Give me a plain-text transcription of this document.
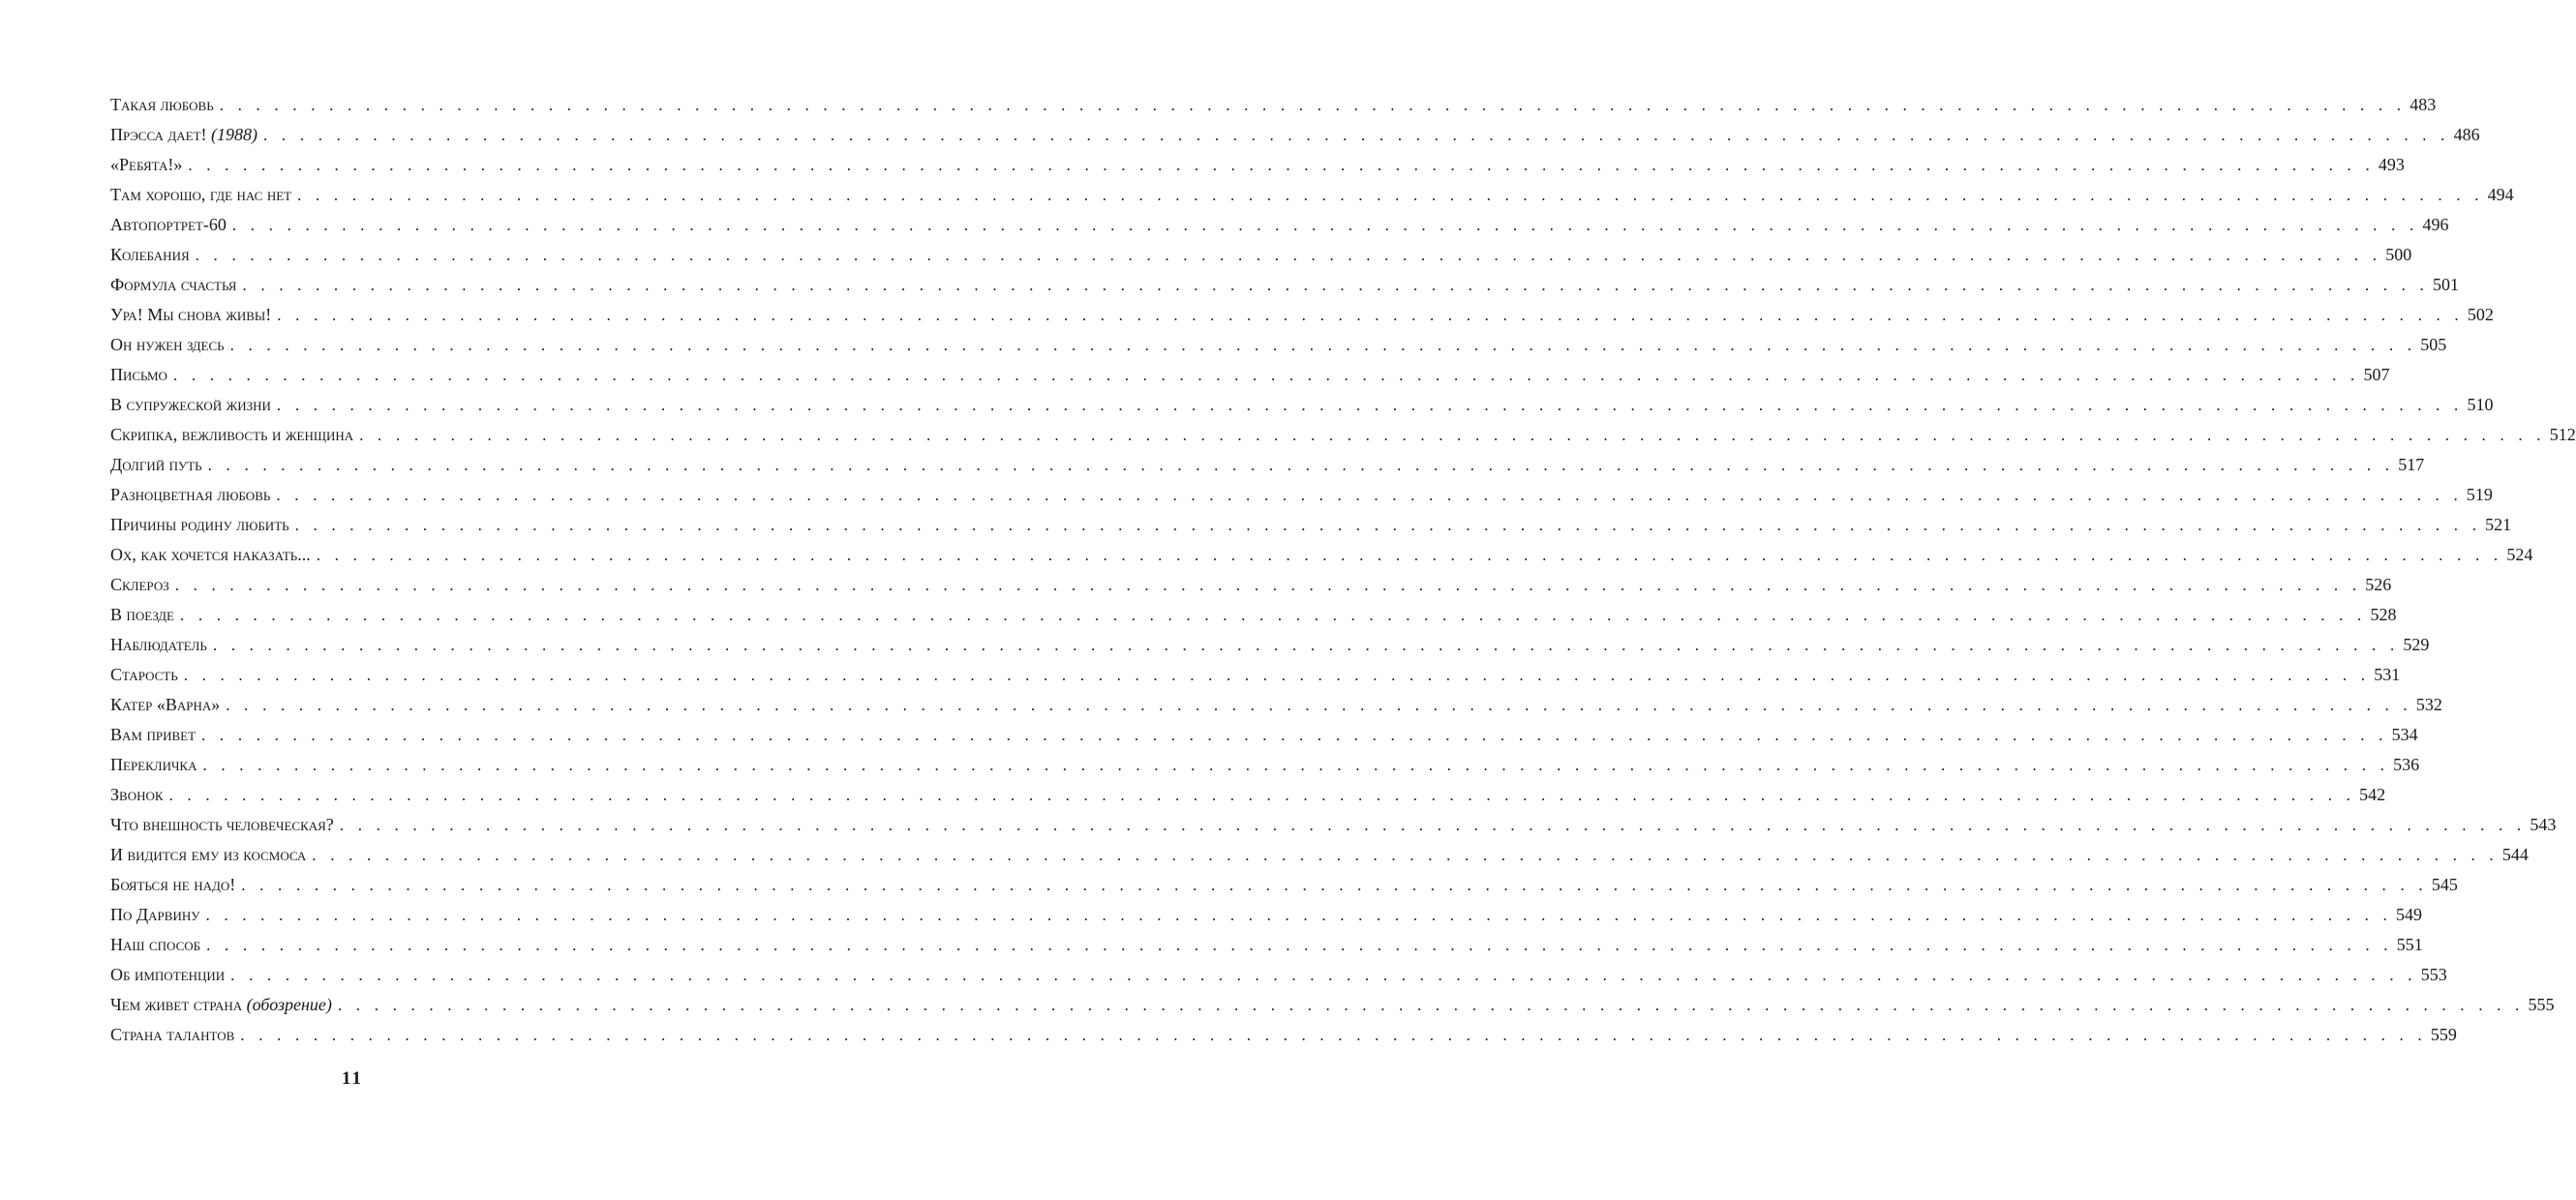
Такая любовь . . . . . . . . . . . . . . . . . . . . . . . . . . . . . . . . . . . . . . . . . . . . . . . . . . . . . . . . . . . . . . . . . . . . . . . . . . . . . . . . . . . . . . . . . . . . . . . . . . . . . . . . . . . . . . . . . . . . . . . . 483
Прэсса дает! (1988) . . . . . . . . . . . . . . . . . . . . . . . . . . . . . . . . . . . . . . . . . . . . . . . . . . . . . . . . . . . . . . . . . . . . . . . . . . . . . . . . . . . . . . . . . . . . . . . . . . . . . . . . . . . . . . . . . . . . . . . . 486
«Ребята!» . . . . . . . . . . . . . . . . . . . . . . . . . . . . . . . . . . . . . . . . . . . . . . . . . . . . . . . . . . . . . . . . . . . . . . . . . . . . . . . . . . . . . . . . . . . . . . . . . . . . . . . . . . . . . . . . . . . . . . . . 493
Там хорошо, где нас нет . . . . . . . . . . . . . . . . . . . . . . . . . . . . . . . . . . . . . . . . . . . . . . . . . . . . . . . . . . . . . . . . . . . . . . . . . . . . . . . . . . . . . . . . . . . . . . . . . . . . . . . . . . . . . . . . . . . . . . . . 494
Автопортрет-60 . . . . . . . . . . . . . . . . . . . . . . . . . . . . . . . . . . . . . . . . . . . . . . . . . . . . . . . . . . . . . . . . . . . . . . . . . . . . . . . . . . . . . . . . . . . . . . . . . . . . . . . . . . . . . . . . . . . . . . . . 496
Колебания . . . . . . . . . . . . . . . . . . . . . . . . . . . . . . . . . . . . . . . . . . . . . . . . . . . . . . . . . . . . . . . . . . . . . . . . . . . . . . . . . . . . . . . . . . . . . . . . . . . . . . . . . . . . . . . . . . . . . . . . 500
Формула счастья . . . . . . . . . . . . . . . . . . . . . . . . . . . . . . . . . . . . . . . . . . . . . . . . . . . . . . . . . . . . . . . . . . . . . . . . . . . . . . . . . . . . . . . . . . . . . . . . . . . . . . . . . . . . . . . . . . . . . . . . 501
Ура! Мы снова живы! . . . . . . . . . . . . . . . . . . . . . . . . . . . . . . . . . . . . . . . . . . . . . . . . . . . . . . . . . . . . . . . . . . . . . . . . . . . . . . . . . . . . . . . . . . . . . . . . . . . . . . . . . . . . . . . . . . . . . . . . 502
Он нужен здесь . . . . . . . . . . . . . . . . . . . . . . . . . . . . . . . . . . . . . . . . . . . . . . . . . . . . . . . . . . . . . . . . . . . . . . . . . . . . . . . . . . . . . . . . . . . . . . . . . . . . . . . . . . . . . . . . . . . . . . . . 505
Письмо . . . . . . . . . . . . . . . . . . . . . . . . . . . . . . . . . . . . . . . . . . . . . . . . . . . . . . . . . . . . . . . . . . . . . . . . . . . . . . . . . . . . . . . . . . . . . . . . . . . . . . . . . . . . . . . . . . . . . . . . 507
В супружеской жизни . . . . . . . . . . . . . . . . . . . . . . . . . . . . . . . . . . . . . . . . . . . . . . . . . . . . . . . . . . . . . . . . . . . . . . . . . . . . . . . . . . . . . . . . . . . . . . . . . . . . . . . . . . . . . . . . . . . . . . . . 510
Скрипка, вежливость и женщина . . . . . . . . . . . . . . . . . . . . . . . . . . . . . . . . . . . . . . . . . . . . . . . . . . . . . . . . . . . . . . . . . . . . . . . . . . . . . . . . . . . . . . . . . . . . . . . . . . . . . . . . . . . . . . . . . . . . . . . . 512
Долгий путь . . . . . . . . . . . . . . . . . . . . . . . . . . . . . . . . . . . . . . . . . . . . . . . . . . . . . . . . . . . . . . . . . . . . . . . . . . . . . . . . . . . . . . . . . . . . . . . . . . . . . . . . . . . . . . . . . . . . . . . . 517
Разноцветная любовь . . . . . . . . . . . . . . . . . . . . . . . . . . . . . . . . . . . . . . . . . . . . . . . . . . . . . . . . . . . . . . . . . . . . . . . . . . . . . . . . . . . . . . . . . . . . . . . . . . . . . . . . . . . . . . . . . . . . . . . . 519
Причины родину любить . . . . . . . . . . . . . . . . . . . . . . . . . . . . . . . . . . . . . . . . . . . . . . . . . . . . . . . . . . . . . . . . . . . . . . . . . . . . . . . . . . . . . . . . . . . . . . . . . . . . . . . . . . . . . . . . . . . . . . . . 521
Ох, как хочется наказать... . . . . . . . . . . . . . . . . . . . . . . . . . . . . . . . . . . . . . . . . . . . . . . . . . . . . . . . . . . . . . . . . . . . . . . . . . . . . . . . . . . . . . . . . . . . . . . . . . . . . . . . . . . . . . . . . . . . . . . . . 524
Склероз . . . . . . . . . . . . . . . . . . . . . . . . . . . . . . . . . . . . . . . . . . . . . . . . . . . . . . . . . . . . . . . . . . . . . . . . . . . . . . . . . . . . . . . . . . . . . . . . . . . . . . . . . . . . . . . . . . . . . . . . 526
В поезде . . . . . . . . . . . . . . . . . . . . . . . . . . . . . . . . . . . . . . . . . . . . . . . . . . . . . . . . . . . . . . . . . . . . . . . . . . . . . . . . . . . . . . . . . . . . . . . . . . . . . . . . . . . . . . . . . . . . . . . . 528
Наблюдатель . . . . . . . . . . . . . . . . . . . . . . . . . . . . . . . . . . . . . . . . . . . . . . . . . . . . . . . . . . . . . . . . . . . . . . . . . . . . . . . . . . . . . . . . . . . . . . . . . . . . . . . . . . . . . . . . . . . . . . . . 529
Старость . . . . . . . . . . . . . . . . . . . . . . . . . . . . . . . . . . . . . . . . . . . . . . . . . . . . . . . . . . . . . . . . . . . . . . . . . . . . . . . . . . . . . . . . . . . . . . . . . . . . . . . . . . . . . . . . . . . . . . . . 531
Катер «Варна» . . . . . . . . . . . . . . . . . . . . . . . . . . . . . . . . . . . . . . . . . . . . . . . . . . . . . . . . . . . . . . . . . . . . . . . . . . . . . . . . . . . . . . . . . . . . . . . . . . . . . . . . . . . . . . . . . . . . . . . . 532
Вам привет . . . . . . . . . . . . . . . . . . . . . . . . . . . . . . . . . . . . . . . . . . . . . . . . . . . . . . . . . . . . . . . . . . . . . . . . . . . . . . . . . . . . . . . . . . . . . . . . . . . . . . . . . . . . . . . . . . . . . . . . 534
Перекличка . . . . . . . . . . . . . . . . . . . . . . . . . . . . . . . . . . . . . . . . . . . . . . . . . . . . . . . . . . . . . . . . . . . . . . . . . . . . . . . . . . . . . . . . . . . . . . . . . . . . . . . . . . . . . . . . . . . . . . . . 536
Звонок . . . . . . . . . . . . . . . . . . . . . . . . . . . . . . . . . . . . . . . . . . . . . . . . . . . . . . . . . . . . . . . . . . . . . . . . . . . . . . . . . . . . . . . . . . . . . . . . . . . . . . . . . . . . . . . . . . . . . . . . 542
Что внешность человеческая? . . . . . . . . . . . . . . . . . . . . . . . . . . . . . . . . . . . . . . . . . . . . . . . . . . . . . . . . . . . . . . . . . . . . . . . . . . . . . . . . . . . . . . . . . . . . . . . . . . . . . . . . . . . . . . . . . . . . . . . . 543
И видится ему из космоса . . . . . . . . . . . . . . . . . . . . . . . . . . . . . . . . . . . . . . . . . . . . . . . . . . . . . . . . . . . . . . . . . . . . . . . . . . . . . . . . . . . . . . . . . . . . . . . . . . . . . . . . . . . . . . . . . . . . . . . . 544
Бояться не надо! . . . . . . . . . . . . . . . . . . . . . . . . . . . . . . . . . . . . . . . . . . . . . . . . . . . . . . . . . . . . . . . . . . . . . . . . . . . . . . . . . . . . . . . . . . . . . . . . . . . . . . . . . . . . . . . . . . . . . . . . 545
По Дарвину . . . . . . . . . . . . . . . . . . . . . . . . . . . . . . . . . . . . . . . . . . . . . . . . . . . . . . . . . . . . . . . . . . . . . . . . . . . . . . . . . . . . . . . . . . . . . . . . . . . . . . . . . . . . . . . . . . . . . . . . 549
Наш способ . . . . . . . . . . . . . . . . . . . . . . . . . . . . . . . . . . . . . . . . . . . . . . . . . . . . . . . . . . . . . . . . . . . . . . . . . . . . . . . . . . . . . . . . . . . . . . . . . . . . . . . . . . . . . . . . . . . . . . . . 551
Об импотенции . . . . . . . . . . . . . . . . . . . . . . . . . . . . . . . . . . . . . . . . . . . . . . . . . . . . . . . . . . . . . . . . . . . . . . . . . . . . . . . . . . . . . . . . . . . . . . . . . . . . . . . . . . . . . . . . . . . . . . . . 553
Чем живет страна (обозрение) . . . . . . . . . . . . . . . . . . . . . . . . . . . . . . . . . . . . . . . . . . . . . . . . . . . . . . . . . . . . . . . . . . . . . . . . . . . . . . . . . . . . . . . . . . . . . . . . . . . . . . . . . . . . . . . . . . . . . . . . 555
Страна талантов . . . . . . . . . . . . . . . . . . . . . . . . . . . . . . . . . . . . . . . . . . . . . . . . . . . . . . . . . . . . . . . . . . . . . . . . . . . . . . . . . . . . . . . . . . . . . . . . . . . . . . . . . . . . . . . . . . . . . . . . 559
11
